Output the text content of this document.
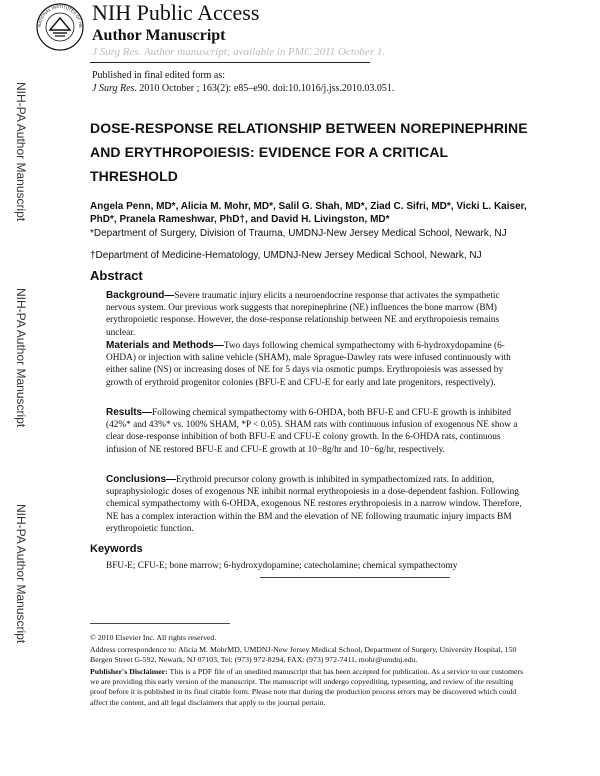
NATIONAL INSTITUTES OF HE
NIH Public Access
Author Manuscript
J Surg Res. Author manuscript; available in PMC 2011 October 1.
Published in final edited form as:
J Surg Res. 2010 October ; 163(2): e85–e90. doi:10.1016/j.jss.2010.03.051.
NIH-PA Author Manuscript
NIH-PA Author Manuscript
NIH-PA Author Manuscript
DOSE-RESPONSE RELATIONSHIP BETWEEN NOREPINEPHRINE AND ERYTHROPOIESIS: EVIDENCE FOR A CRITICAL THRESHOLD
Angela Penn, MD*, Alicia M. Mohr, MD*, Salil G. Shah, MD*, Ziad C. Sifri, MD*, Vicki L. Kaiser,
PhD*, Pranela Rameshwar, PhD†, and David H. Livingston, MD*
*Department of Surgery, Division of Trauma, UMDNJ-New Jersey Medical School, Newark, NJ
†Department of Medicine-Hematology, UMDNJ-New Jersey Medical School, Newark, NJ
Abstract
Background—Severe traumatic injury elicits a neuroendocrine response that activates the sympathetic nervous system. Our previous work suggests that norepinephrine (NE) influences the bone marrow (BM) erythropoietic response. However, the dose-response relationship between NE and erythropoiesis remains unclear.
Materials and Methods—Two days following chemical sympathectomy with 6-hydroxydopamine (6-OHDA) or injection with saline vehicle (SHAM), male Sprague-Dawley rats were infused continuously with either saline (NS) or increasing doses of NE for 5 days via osmotic pumps. Erythropoiesis was assessed by growth of erythroid progenitor colonies (BFU-E and CFU-E for early and late progenitors, respectively).
Results—Following chemical sympathectomy with 6-OHDA, both BFU-E and CFU-E growth is inhibited (42%* and 43%* vs. 100% SHAM, *P < 0.05). SHAM rats with continuous infusion of exogenous NE show a clear dose-response inhibition of both BFU-E and CFU-E colony growth. In the 6-OHDA rats, continuous infusion of NE restored BFU-E and CFU-E growth at 10−8g/hr and 10−6g/hr, respectively.
Conclusions—Erythroid precursor colony growth is inhibited in sympathectomized rats. In addition, supraphysiologic doses of exogenous NE inhibit normal erythropoiesis in a dose-dependent fashion. Following chemical sympathectomy with 6-OHDA, exogenous NE restores erythropoiesis in a narrow window. Therefore, NE has a complex interaction within the BM and the elevation of NE following traumatic injury impacts BM erythropoietic function.
Keywords
BFU-E; CFU-E; bone marrow; 6-hydroxydopamine; catecholamine; chemical sympathectomy
© 2010 Elsevier Inc. All rights reserved.
Address correspondence to: Alicia M. MohrMD, UMDNJ-New Jersey Medical School, Department of Surgery, University Hospital, 150 Bergen Street G-592, Newark, NJ 07103, Tel: (973) 972-8294, FAX: (973) 972-7411, mohr@umdnj.edu.
Publisher's Disclaimer: This is a PDF file of an unedited manuscript that has been accepted for publication. As a service to our customers we are providing this early version of the manuscript. The manuscript will undergo copyediting, typesetting, and review of the resulting proof before it is published in its final citable form. Please note that during the production process errors may be discovered which could affect the content, and all legal disclaimers that apply to the journal pertain.
